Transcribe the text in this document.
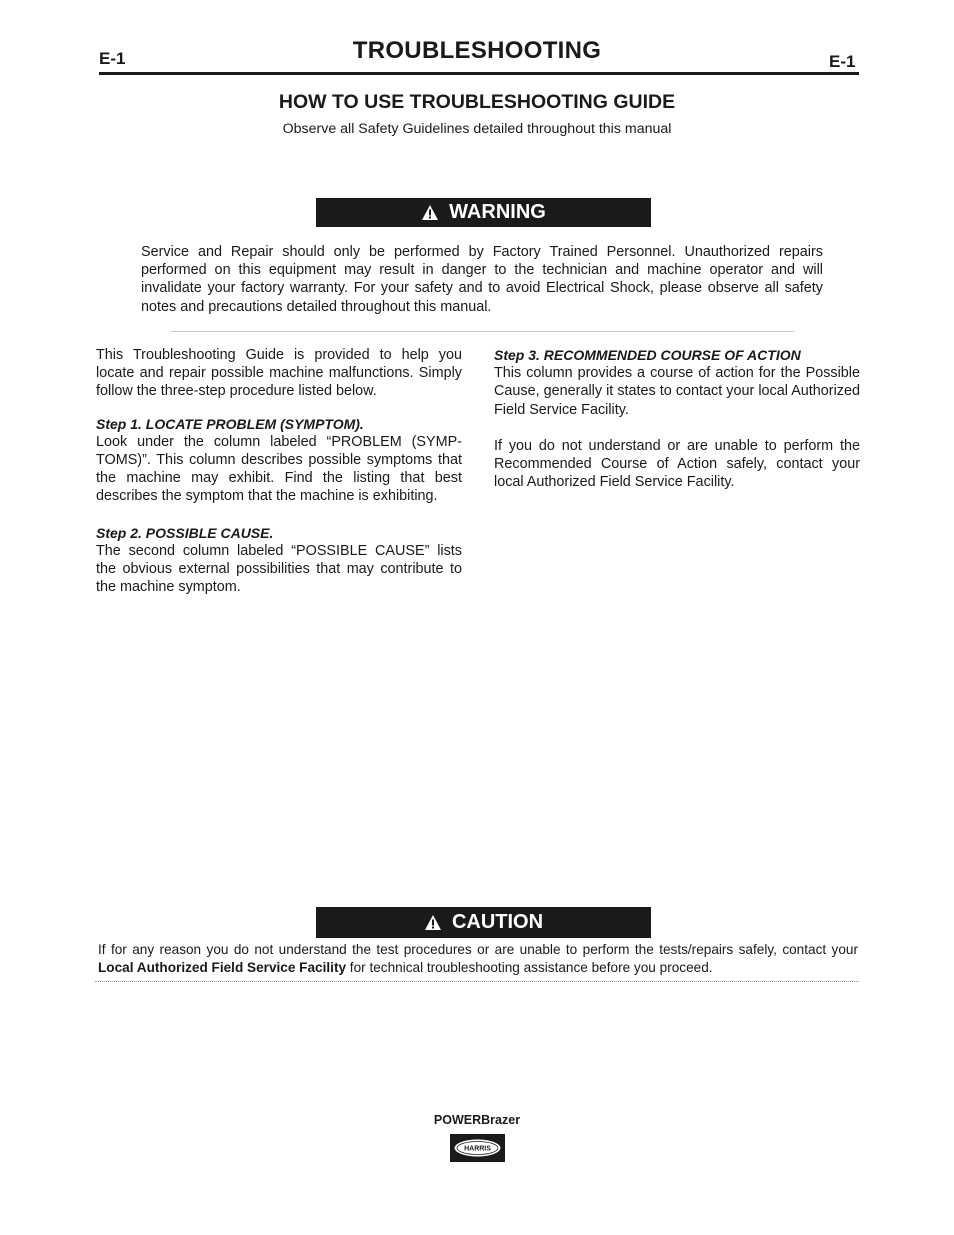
E-1	TROUBLESHOOTING	E-1
HOW TO USE TROUBLESHOOTING GUIDE
Observe all Safety Guidelines detailed throughout this manual
WARNING
Service and Repair should only be performed by Factory Trained Personnel. Unauthorized repairs performed on this equipment may result in danger to the technician and machine operator and will invalidate your factory warranty. For your safety and to avoid Electrical Shock, please observe all safety notes and precautions detailed throughout this manual.

This Troubleshooting Guide is provided to help you locate and repair possible machine malfunctions. Simply follow the three-step procedure listed below.

Step 1. LOCATE PROBLEM (SYMPTOM).

Look under the column labeled “PROBLEM (SYMPTOMS)”. This column describes possible symptoms that the machine may exhibit. Find the listing that best describes the symptom that the machine is exhibiting.

Step 2. POSSIBLE CAUSE.

The second column labeled “POSSIBLE CAUSE” lists the obvious external possibilities that may contribute to the machine symptom.

Step 3. RECOMMENDED COURSE OF ACTION

This column provides a course of action for the Possible Cause, generally it states to contact your local Authorized Field Service Facility.

If you do not understand or are unable to perform the Recommended Course of Action safely, contact your local Authorized Field Service Facility.

CAUTION
If for any reason you do not understand the test procedures or are unable to perform the tests/repairs safely, contact your Local Authorized Field Service Facility for technical troubleshooting assistance before you proceed.
POWERBrazer
HARRIS
